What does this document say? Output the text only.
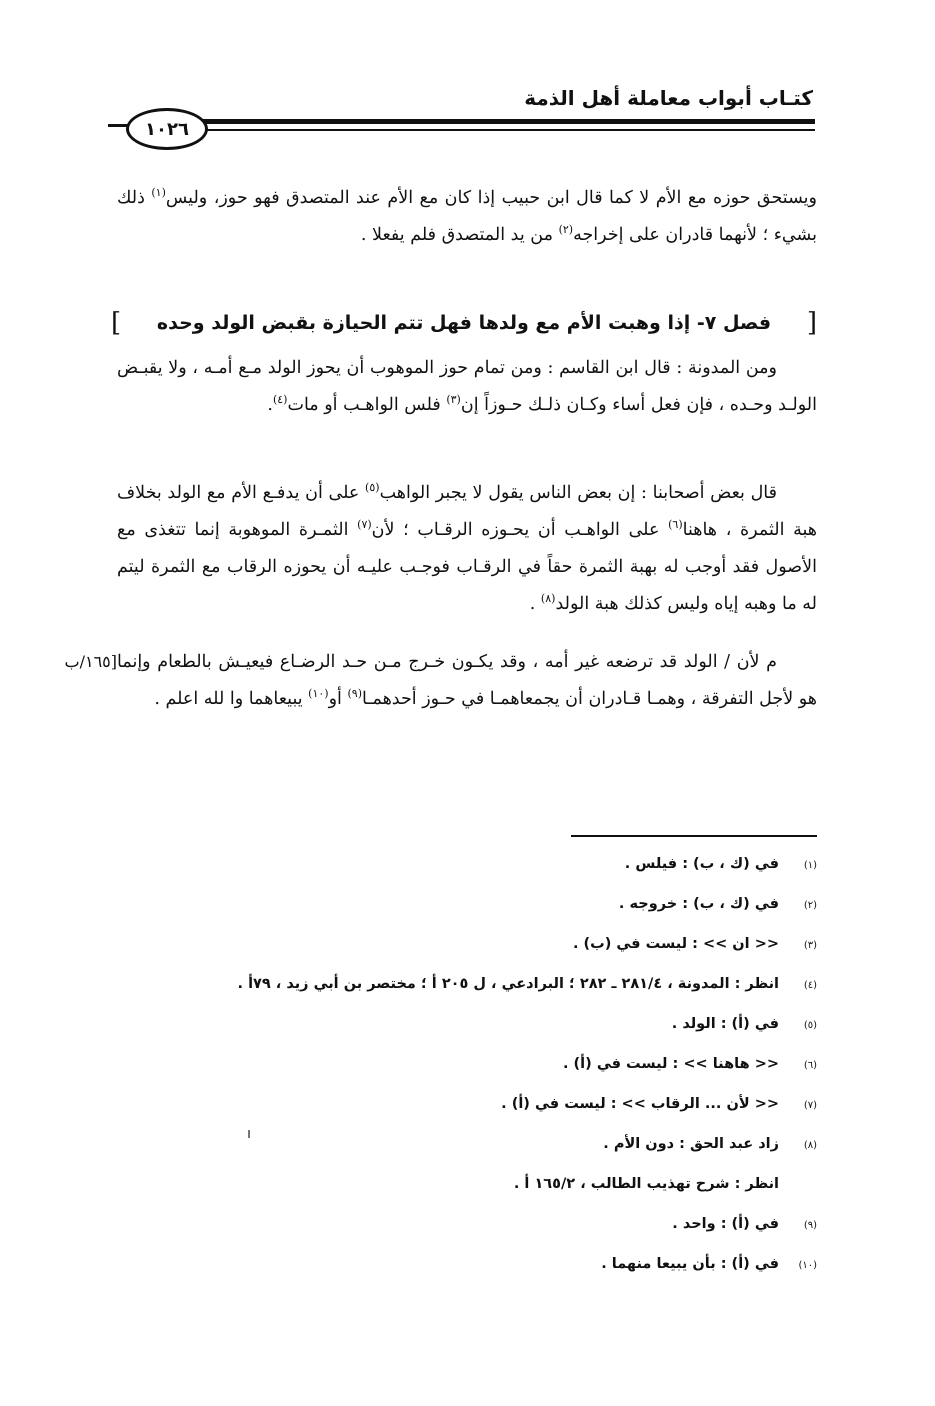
كتـاب أبواب معاملة أهل الذمة
١٠٢٦

ويستحق حوزه مع الأم لا كما قال ابن حبيب إذا كان مع الأم عند المتصدق فهو حوز، وليس$^{(١)}$ ذلك بشيء ؛ لأنهما قادران على إخراجه$^{(٢)}$ من يد المتصدق فلم يفعلا .

[
فصل ٧- إذا وهبت الأم مع ولدها فهل تتم الحيازة بقبض الولد وحده
]

ومن المدونة : قال ابن القاسم : ومن تمام حوز الموهوب أن يحوز الولد مـع أمـه ، ولا يقبـض الولـد وحـده ، فإن فعل أساء وكـان ذلـك حـوزاً إن$^{(٣)}$ فلس الواهـب أو مات$^{(٤)}$.

قال بعض أصحابنا : إن بعض الناس يقول لا يجبر الواهب$^{(٥)}$ على أن يدفـع الأم مع الولد بخلاف هبة الثمرة ، هاهنا$^{(٦)}$ على الواهـب أن يحـوزه الرقـاب ؛ لأن$^{(٧)}$ الثمـرة الموهوبة إنما تتغذى مع الأصول فقد أوجب له بهبة الثمرة حقاً في الرقـاب فوجـب عليـه أن يحوزه الرقاب مع الثمرة ليتم له ما وهبه إياه وليس كذلك هبة الولد$^{(٨)}$ .

[١٦٥/ب م لأن / الولد قد ترضعه غير أمه ، وقد يكـون خـرج مـن حـد الرضـاع فيعيـش بالطعام وإنما هو لأجل التفرقة ، وهمـا قـادران أن يجمعاهمـا في حـوز أحدهمـا$^{(٩)}$ أو$^{(١٠)}$ يبيعاهما وا لله اعلم .

(١)
في (ك ، ب) : فيلس .
(٢)
في (ك ، ب) : خروجه .
(٣)
<< ان >> : ليست في (ب) .
(٤)
انظر : المدونة ، ٢٨١/٤ ـ ٢٨٢ ؛ البرادعي ، ل ٢٠٥ أ ؛ مختصر بن أبي زيد ، ٧٩أ .
(٥)
في (أ) : الولد .
(٦)
<< هاهنا >> : ليست في (أ) .
(٧)
<< لأن ... الرقاب >> : ليست في (أ) .
(٨)
زاد عبد الحق : دون الأم .
انظر : شرح تهذيب الطالب ، ١٦٥/٢ أ .
(٩)
في (أ) : واحد .
(١٠)
في (أ) : بأن يبيعا منهما .
